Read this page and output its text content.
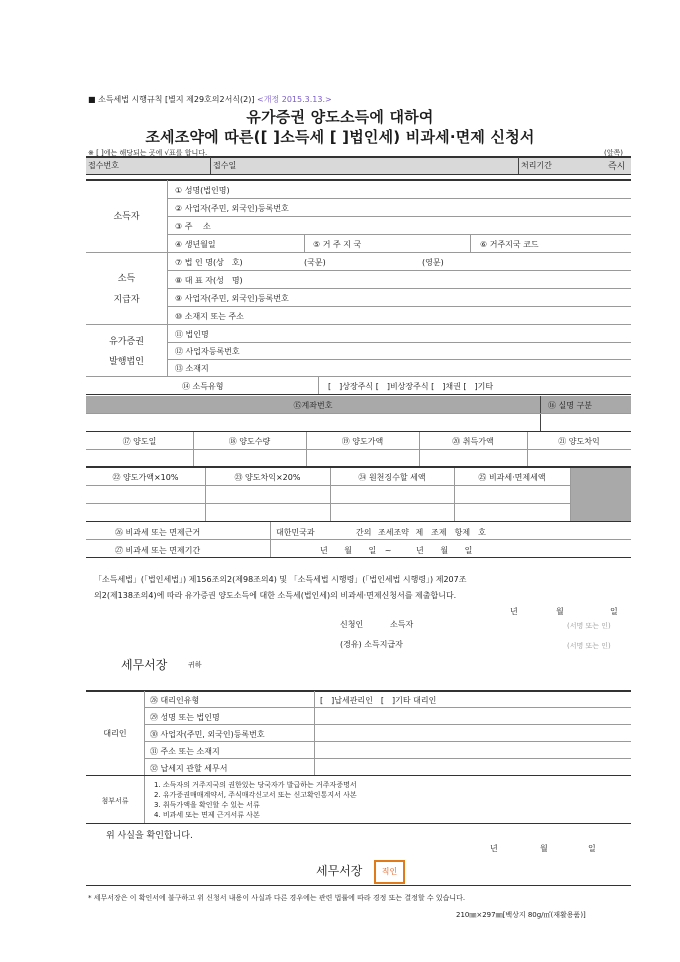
■ 소득세법 시행규칙 [별지 제29호의2서식(2)] <개정 2015.3.13.>
유가증권 양도소득에 대하여
조세조약에 따른([ ]소득세 [ ]법인세) 비과세·면제 신청서
※ [ ]에는 해당되는 곳에 √표를 합니다.	(앞쪽)
접수번호	접수일	처리기간	즉시
소득자
① 성명(법인명)
② 사업자(주민, 외국인)등록번호
③ 주　 소
④ 생년월일	⑤ 거 주 지 국	⑥ 거주지국 코드
소득
지급자
⑦ 법 인 명(상　호)	(국문)	(영문)
⑧ 대 표 자(성　명)
⑨ 사업자(주민, 외국인)등록번호
⑩ 소재지 또는 주소
유가증권
발행법인
⑪ 법인명
⑫ 사업자등록번호
⑬ 소재지
⑭ 소득유형	[　]상장주식 [　]비상장주식 [　]채권 [　]기타
⑮계좌번호	⑯ 실명 구분
⑰ 양도일	⑱ 양도수량	⑲ 양도가액	⑳ 취득가액	㉑ 양도차익
㉒ 양도가액×10%	㉓ 양도차익×20%	㉔ 원천징수할 세액	㉕ 비과세·면제세액
㉖ 비과세 또는 면제근거	대한민국과	간의 조세조약 제　조제　항제　호
㉗ 비과세 또는 면제기간	년　 월　 일 ~　　 년　 월　 일
「소득세법」(「법인세법」) 제156조의2(제98조의4) 및 「소득세법 시행령」(「법인세법 시행령」) 제207조
의2(제138조의4)에 따라 유가증권 양도소득에 대한 소득세(법인세)의 비과세·면제신청서를 제출합니다.
년	월	일
신청인	소득자	(서명 또는 인)
(경유) 소득지급자	(서명 또는 인)
세무서장	귀하
대리인
㉘ 대리인유형	[　]납세관리인　[　]기타 대리인
㉙ 성명 또는 법인명
㉚ 사업자(주민, 외국인)등록번호
㉛ 주소 또는 소재지
㉜ 납세지 관할 세무서
첨부서류
1. 소득자의 거주지국의 권한있는 당국자가 발급하는 거주자증명서
2. 유가증권매매계약서, 주식매각신고서 또는 신고확인통지서 사본
3. 취득가액을 확인할 수 있는 서류
4. 비과세 또는 면제 근거서류 사본
위 사실을 확인합니다.
년	월	일
세무서장	직인
* 세무서장은 이 확인서에 불구하고 위 신청서 내용이 사실과 다른 경우에는 관련 법률에 따라 경정 또는 결정할 수 있습니다.
210㎜×297㎜[백상지 80g/㎡(재활용품)]
